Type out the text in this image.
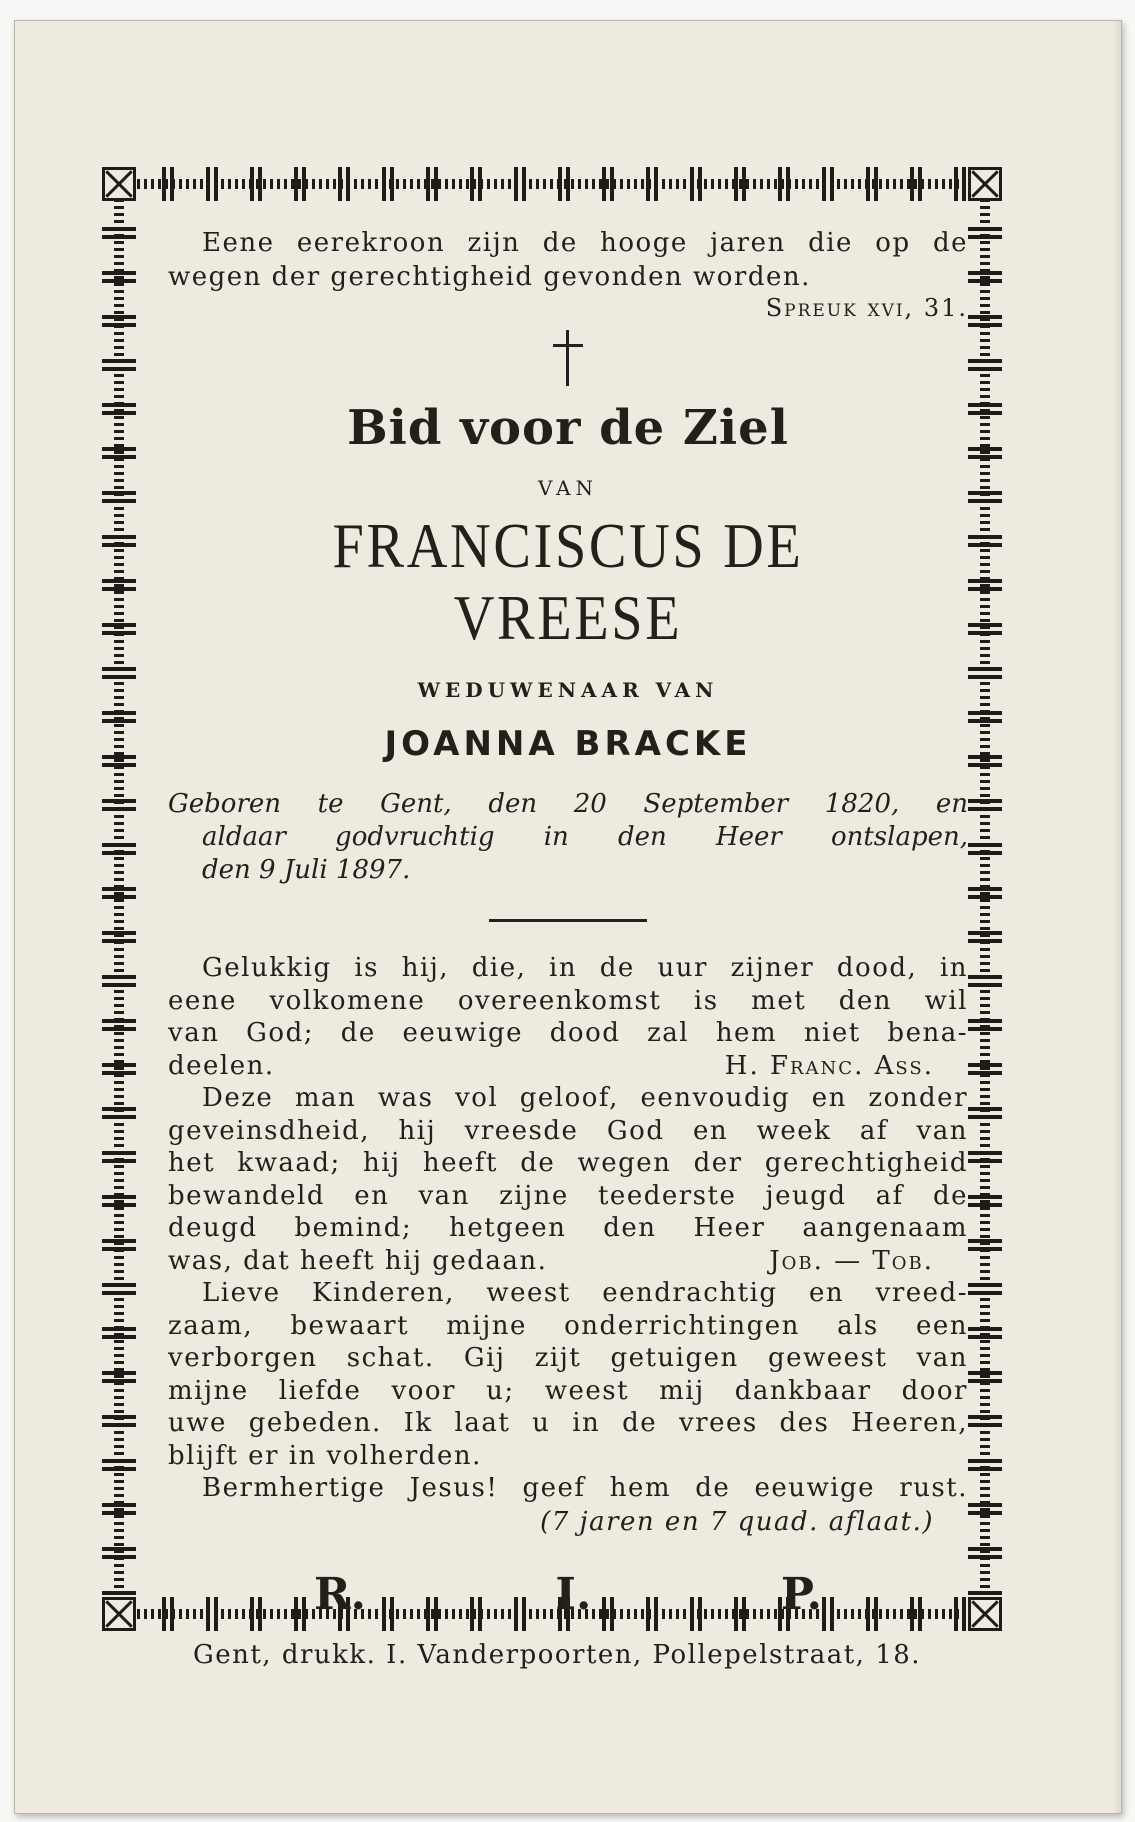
Eene eerekroon zijn de hooge jaren die op de
wegen der gerechtigheid gevonden worden.
Spreuk xvi, 31.
Bid voor de Ziel
VAN
FRANCISCUS DE VREESE
WEDUWENAAR VAN
JOANNA BRACKE
Geboren te Gent, den 20 September 1820, en
aldaar godvruchtig in den Heer ontslapen,
den 9 Juli 1897.
Gelukkig is hij, die, in de uur zijner dood, in
eene volkomene overeenkomst is met den wil
van God; de eeuwige dood zal hem niet bena-
deelen.	H. Franc. Ass.
Deze man was vol geloof, eenvoudig en zonder
geveinsdheid, hij vreesde God en week af van
het kwaad; hij heeft de wegen der gerechtigheid
bewandeld en van zijne teederste jeugd af de
deugd bemind; hetgeen den Heer aangenaam
was, dat heeft hij gedaan.	Job. — Tob.
Lieve Kinderen, weest eendrachtig en vreed-
zaam, bewaart mijne onderrichtingen als een
verborgen schat. Gij zijt getuigen geweest van
mijne liefde voor u; weest mij dankbaar door
uwe gebeden. Ik laat u in de vrees des Heeren,
blijft er in volherden.
Bermhertige Jesus! geef hem de eeuwige rust.
(7 jaren en 7 quad. aflaat.)
R.	I.	P.
Gent, drukk. I. Vanderpoorten, Pollepelstraat, 18.
